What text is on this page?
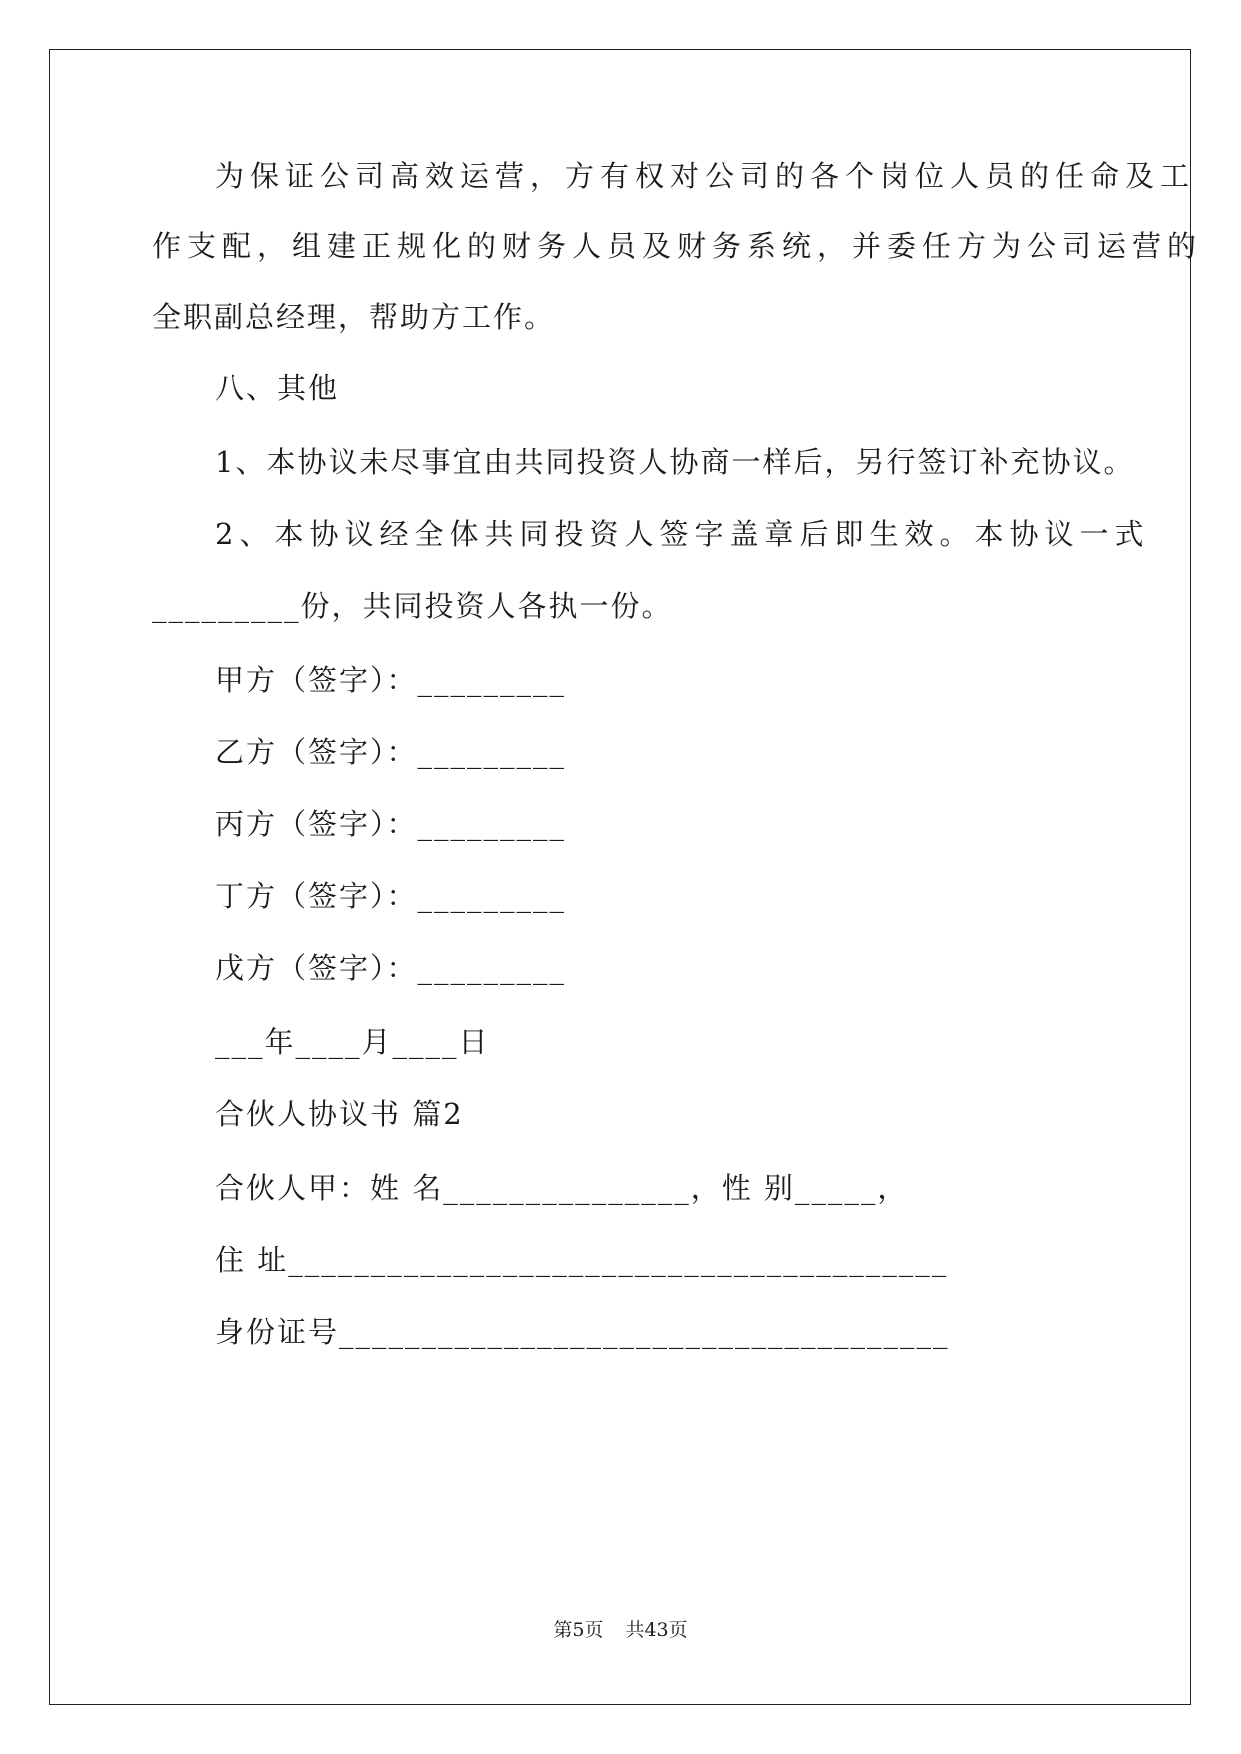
为保证公司高效运营，方有权对公司的各个岗位人员的任命及工
作支配，组建正规化的财务人员及财务系统，并委任方为公司运营的
全职副总经理，帮助方工作。
八、其他
1、本协议未尽事宜由共同投资人协商一样后，另行签订补充协议。
2、本协议经全体共同投资人签字盖章后即生效。本协议一式
_________份，共同投资人各执一份。
甲方（签字）：_________
乙方（签字）：_________
丙方（签字）：_________
丁方（签字）：_________
戊方（签字）：_________
___年____月____日
合伙人协议书 篇2
合伙人甲：姓 名_______________，性 别_____，
住 址________________________________________
身份证号_____________________________________
第5页 共43页
